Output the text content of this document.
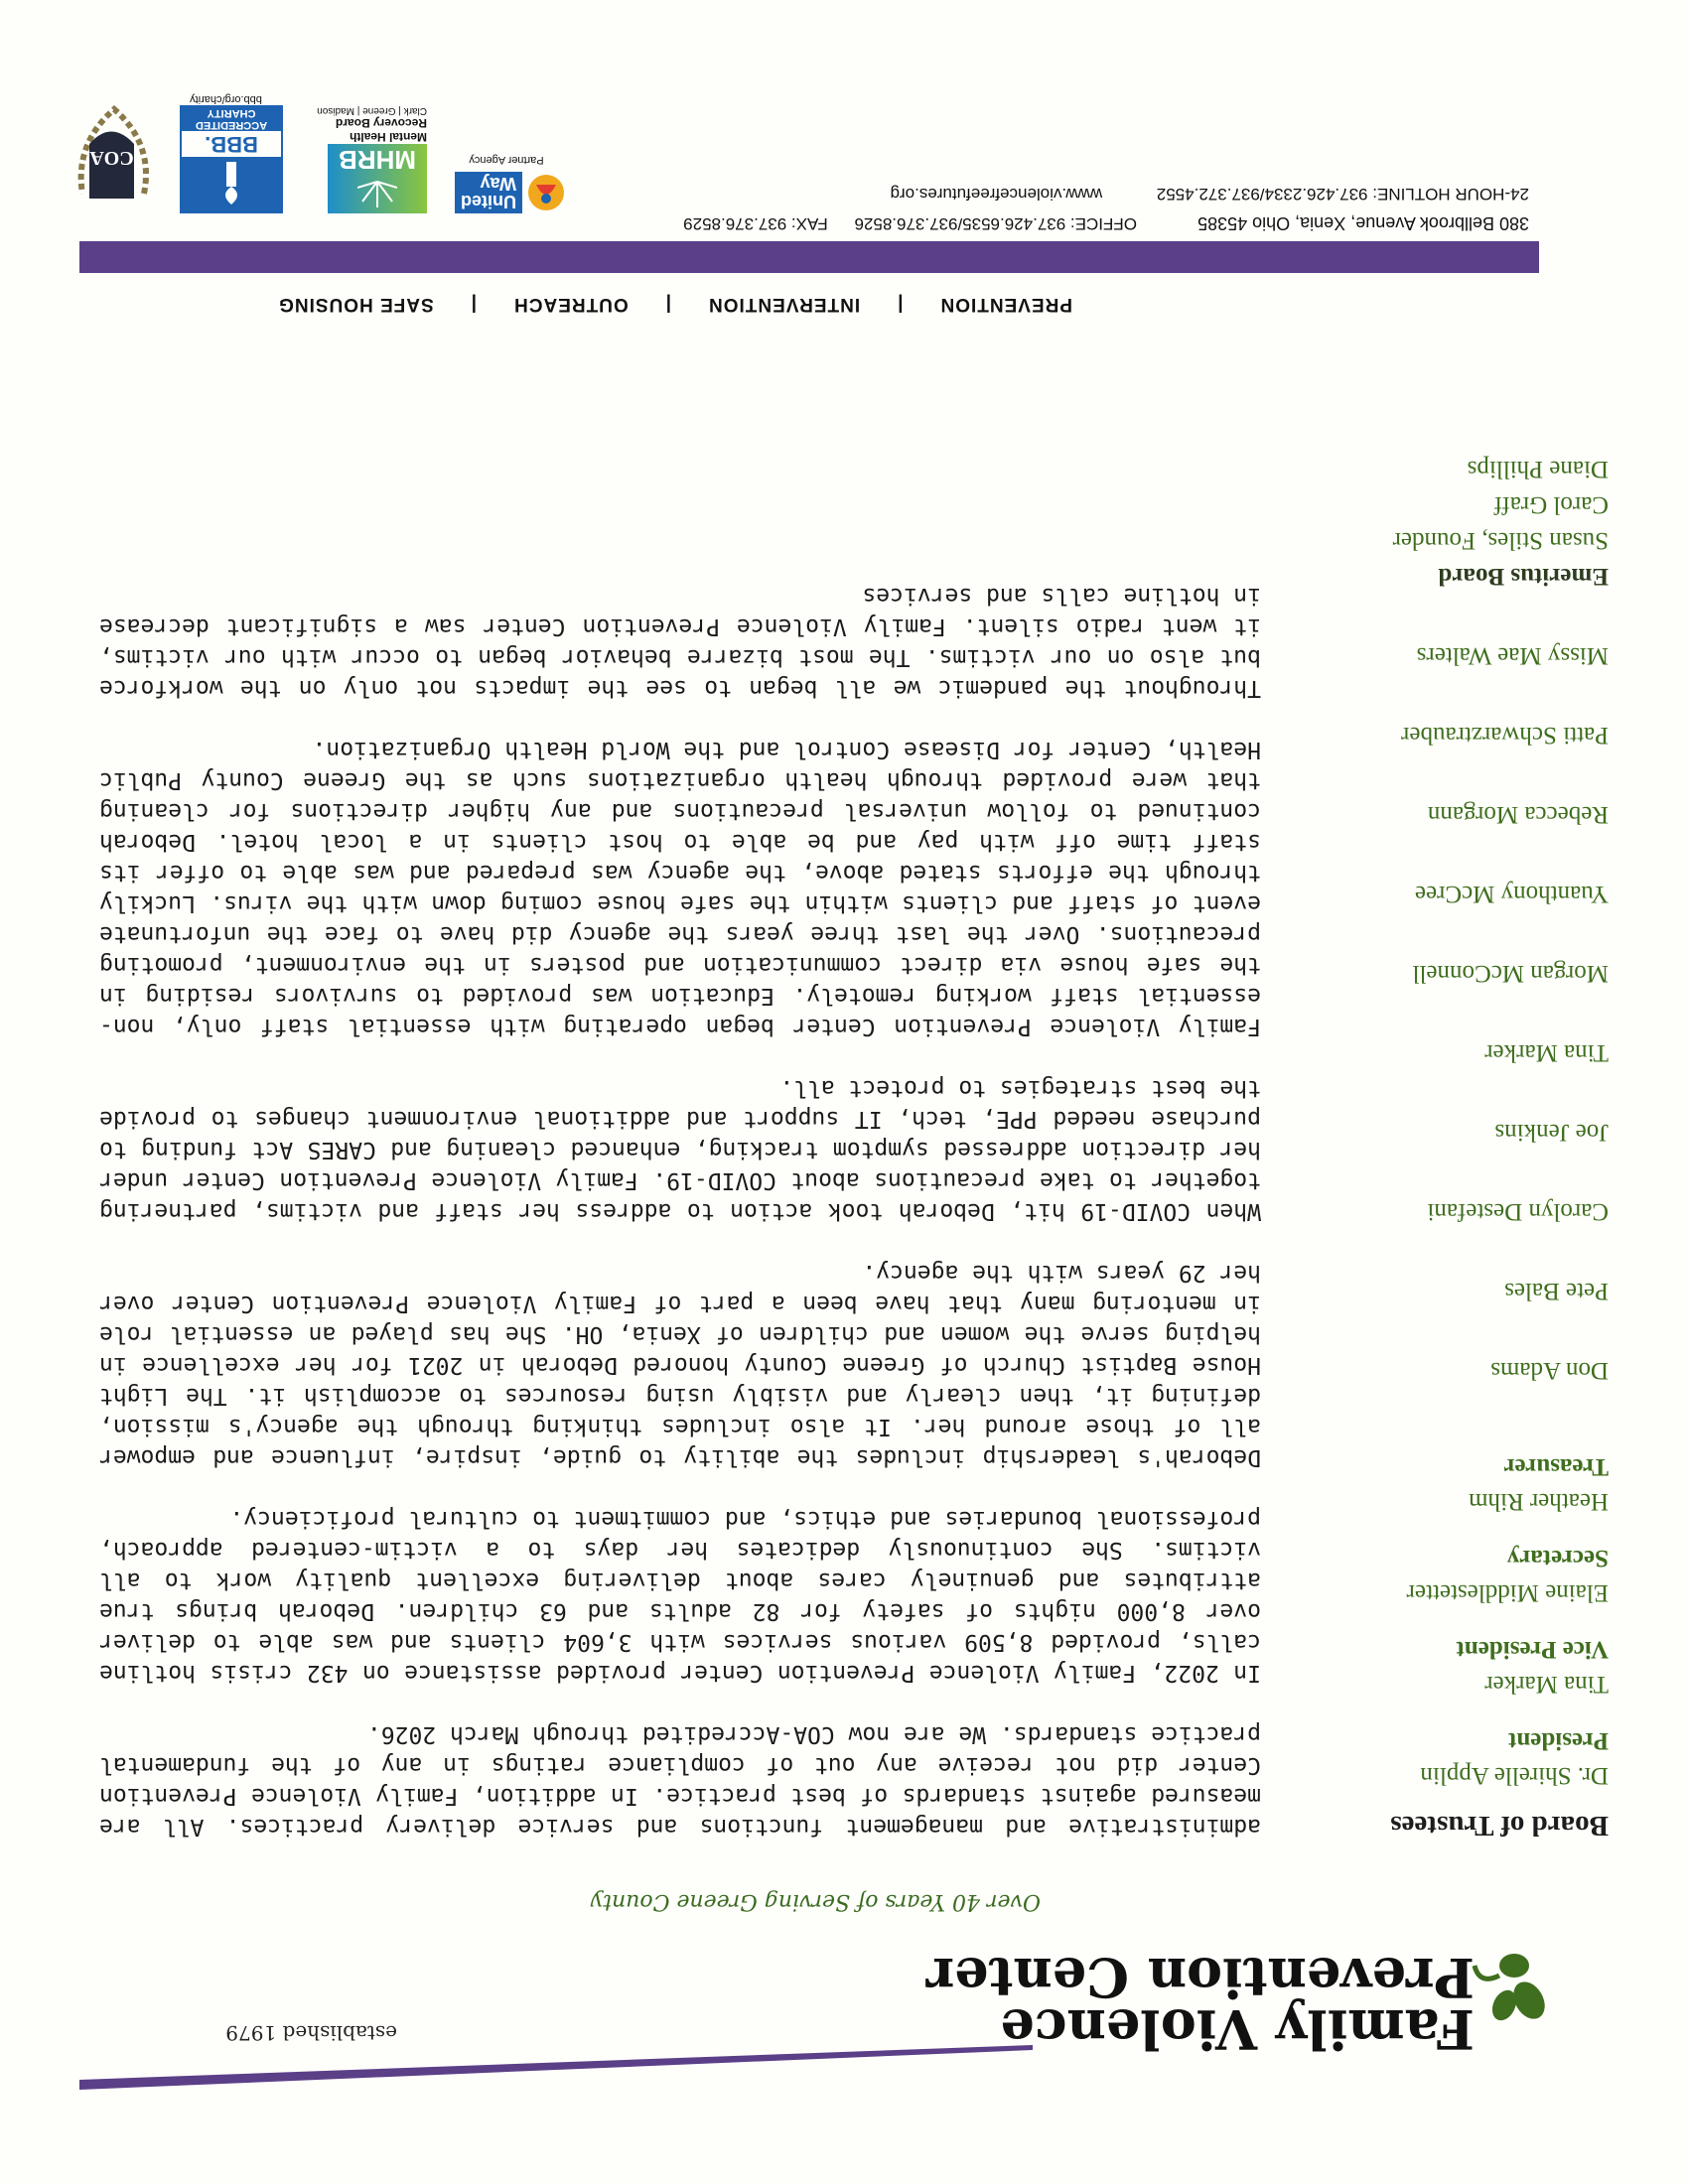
Family Violence
Prevention Center
established 1979
Over 40 Years of Serving Greene County
Board of Trustees
Dr. Shirelle Applin
President
Tina Marker
Vice President
Elaine Middlestetter
Secretary
Heather Rihm
Treasurer
Don Adams
Pete Bales
Carolyn Destefani
Joe Jenkins
Tina Marker
Morgan McConnell
Yuanthony McCree
Rebecca Morgann
Patti Schwarztrauber
Missy Mae Walters
Emeritus Board
Susan Stiles, Founder
Carol Graff
Diane Phillips

administrative and management functions and service delivery practices. All are measured against standards of best practice. In addition, Family Violence Prevention Center did not receive any out of compliance ratings in any of the fundamental practice standards. We are now COA-Accredited through March 2026.

In 2022, Family Violence Prevention Center provided assistance on 432 crisis hotline calls, provided 8,509 various services with 3,604 clients and was able to deliver over 8,000 nights of safety for 82 adults and 63 children. Deborah brings true attributes and genuinely cares about delivering excellent quality work to all victims. She continuously dedicates her days to a victim-centered approach, professional boundaries and ethics, and commitment to cultural proficiency.

Deborah's leadership includes the ability to guide, inspire, influence and empower all of those around her. It also includes thinking through the agency's mission, defining it, then clearly and visibly using resources to accomplish it. The Light House Baptist Church of Greene County honored Deborah in 2021 for her excellence in helping serve the women and children of Xenia, OH. She has played an essential role in mentoring many that have been a part of Family Violence Prevention Center over her 29 years with the agency.

When COVID-19 hit, Deborah took action to address her staff and victims, partnering together to take precautions about COVID-19. Family Violence Prevention Center under her direction addressed symptom tracking, enhanced cleaning and CARES Act funding to purchase needed PPE, tech, IT support and additional environment changes to provide the best strategies to protect all.

Family Violence Prevention Center began operating with essential staff only, non-essential staff working remotely. Education was provided to survivors residing in the safe house via direct communication and posters in the environment, promoting precautions. Over the last three years the agency did have to face the unfortunate event of staff and clients within the safe house coming down with the virus. Luckily through the efforts stated above, the agency was prepared and was able to offer its staff time off with pay and be able to host clients in a local hotel. Deborah continued to follow universal precautions and any higher directions for cleaning that were provided through health organizations such as the Greene County Public Health, Center for Disease Control and the World Health Organization.

Throughout the pandemic we all began to see the impacts not only on the workforce but also on our victims. The most bizarre behavior began to occur with our victims, it went radio silent. Family Violence Prevention Center saw a significant decrease in hotline calls and services

PREVENTION
|
INTERVENTION
|
OUTREACH
|
SAFE HOUSING
380 Bellbrook Avenue, Xenia, Ohio 45385
OFFICE: 937.426.6535/937.376.8526 FAX: 937.376.8529
24-HOUR HOTLINE: 937.426.2334/937.372.4552 www.violencefreefutures.org
United
Way
Partner Agency
MHRB
Mental Health
Recovery Board
Clark | Greene | Madison
BBB.
ACCREDITED
CHARITY
bbb.org/charity
COA
